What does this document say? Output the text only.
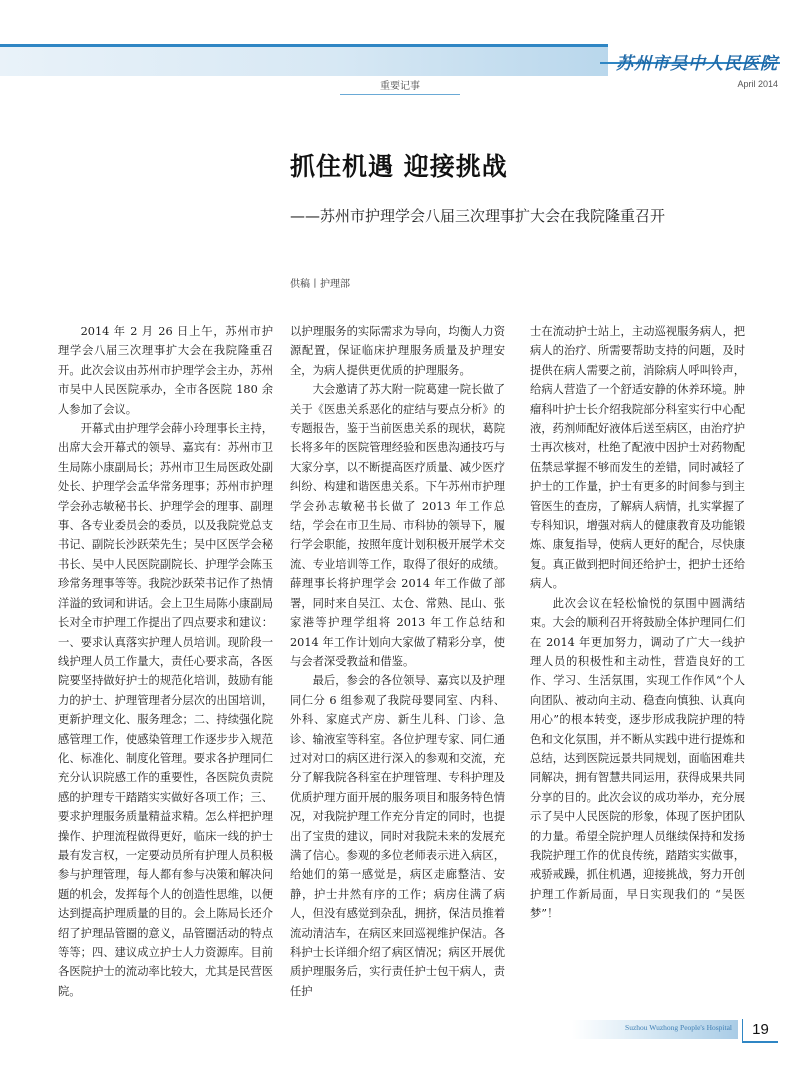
苏州市吴中人民医院
April 2014
重要记事
抓住机遇 迎接挑战
——苏州市护理学会八届三次理事扩大会在我院隆重召开
供稿丨护理部

2014 年 2 月 26 日上午，苏州市护理学会八届三次理事扩大会在我院隆重召开。此次会议由苏州市护理学会主办，苏州市吴中人民医院承办，全市各医院 180 余人参加了会议。

开幕式由护理学会薛小玲理事长主持，出席大会开幕式的领导、嘉宾有：苏州市卫生局陈小康副局长；苏州市卫生局医政处副处长、护理学会孟华常务理事；苏州市护理学会孙志敏秘书长、护理学会的理事、副理事、各专业委员会的委员，以及我院党总支书记、副院长沙跃荣先生；吴中区医学会秘书长、吴中人民医院副院长、护理学会陈玉珍常务理事等等。我院沙跃荣书记作了热情洋溢的致词和讲话。会上卫生局陈小康副局长对全市护理工作提出了四点要求和建议：一、要求认真落实护理人员培训。现阶段一线护理人员工作量大，责任心要求高，各医院要坚持做好护士的规范化培训，鼓励有能力的护士、护理管理者分层次的出国培训，更新护理文化、服务理念；二、持续强化院感管理工作，使感染管理工作逐步步入规范化、标准化、制度化管理。要求各护理同仁充分认识院感工作的重要性，各医院负责院感的护理专干踏踏实实做好各项工作；三、要求护理服务质量精益求精。怎么样把护理操作、护理流程做得更好，临床一线的护士最有发言权，一定要动员所有护理人员积极参与护理管理，每人都有参与决策和解决问题的机会，发挥每个人的创造性思维，以便达到提高护理质量的目的。会上陈局长还介绍了护理品管圈的意义，品管圈活动的特点等等；四、建议成立护士人力资源库。目前各医院护士的流动率比较大，尤其是民营医院。

以护理服务的实际需求为导向，均衡人力资源配置，保证临床护理服务质量及护理安全，为病人提供更优质的护理服务。

大会邀请了苏大附一院葛建一院长做了关于《医患关系恶化的症结与要点分析》的专题报告，鉴于当前医患关系的现状，葛院长将多年的医院管理经验和医患沟通技巧与大家分享，以不断提高医疗质量、减少医疗纠纷、构建和谐医患关系。下午苏州市护理学会孙志敏秘书长做了 2013 年工作总结，学会在市卫生局、市科协的领导下，履行学会职能，按照年度计划积极开展学术交流、专业培训等工作，取得了很好的成绩。薛理事长将护理学会 2014 年工作做了部署，同时来自吴江、太仓、常熟、昆山、张家港等护理学组将 2013 年工作总结和 2014 年工作计划向大家做了精彩分享，使与会者深受教益和借鉴。

最后，参会的各位领导、嘉宾以及护理同仁分 6 组参观了我院母婴同室、内科、外科、家庭式产房、新生儿科、门诊、急诊、输液室等科室。各位护理专家、同仁通过对对口的病区进行深入的参观和交流，充分了解我院各科室在护理管理、专科护理及优质护理方面开展的服务项目和服务特色情况，对我院护理工作充分肯定的同时，也提出了宝贵的建议，同时对我院未来的发展充满了信心。参观的多位老师表示进入病区，给她们的第一感觉是，病区走廊整洁、安静，护士井然有序的工作；病房住满了病人，但没有感觉到杂乱，拥挤，保洁员推着流动清洁车，在病区来回巡视维护保洁。各科护士长详细介绍了病区情况；病区开展优质护理服务后，实行责任护士包干病人，责任护

士在流动护士站上，主动巡视服务病人，把病人的治疗、所需要帮助支持的问题，及时提供在病人需要之前，消除病人呼叫铃声，给病人营造了一个舒适安静的休养环境。肿瘤科叶护士长介绍我院部分科室实行中心配液，药剂师配好液体后送至病区，由治疗护士再次核对，杜绝了配液中因护士对药物配伍禁忌掌握不够而发生的差错，同时减轻了护士的工作量，护士有更多的时间参与到主管医生的查房，了解病人病情，扎实掌握了专科知识，增强对病人的健康教育及功能锻炼、康复指导，使病人更好的配合，尽快康复。真正做到把时间还给护士，把护士还给病人。

此次会议在轻松愉悦的氛围中圆满结束。大会的顺利召开将鼓励全体护理同仁们在 2014 年更加努力，调动了广大一线护理人员的积极性和主动性，营造良好的工作、学习、生活氛围，实现工作作风“个人向团队、被动向主动、稳查向慎独、认真向用心”的根本转变，逐步形成我院护理的特色和文化氛围，并不断从实践中进行提炼和总结，达到医院远景共同规划，面临困难共同解决，拥有智慧共同运用，获得成果共同分享的目的。此次会议的成功举办，充分展示了吴中人民医院的形象，体现了医护团队的力量。希望全院护理人员继续保持和发扬我院护理工作的优良传统，踏踏实实做事，戒骄戒躁，抓住机遇，迎接挑战，努力开创护理工作新局面，早日实现我们的 “吴医梦”！

Suzhou Wuzhong People's Hospital	19
